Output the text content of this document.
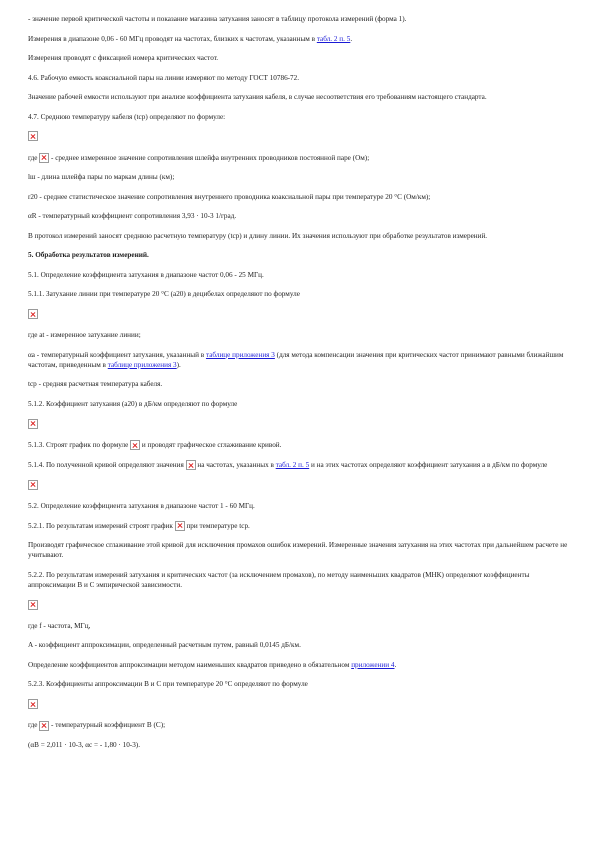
- значение первой критической частоты и показание магазина затухания заносят в таблицу протокола измерений (форма 1).

Измерения в диапазоне 0,06 - 60 МГц проводят на частотах, близких к частотам, указанным в табл. 2 п. 5.

Измерения проводят с фиксацией номера критических частот.

4.6. Рабочую емкость коаксиальной пары на линии измеряют по методу ГОСТ 10786-72.

Значение рабочей емкости используют при анализе коэффициента затухания кабеля, в случае несоответствия его требованиям настоящего стандарта.

4.7. Среднюю температуру кабеля (tср) определяют по формуле:

где  - среднее измеренное значение сопротивления шлейфа внутренних проводников постоянной паре (Ом);

lш - длина шлейфа пары по маркам длины (км);

r20 - среднее статистическое значение сопротивления внутреннего проводника коаксиальной пары при температуре 20 °С (Ом/км);

αR - температурный коэффициент сопротивления 3,93 · 10-3 1/град.

В протокол измерений заносят среднюю расчетную температуру (tср) и длину линии. Их значения используют при обработке результатов измерений.

5. Обработка результатов измерений.

5.1. Определение коэффициента затухания в диапазоне частот 0,06 - 25 МГц.

5.1.1. Затухание линии при температуре 20 °С (a20) в децибелах определяют по формуле

где at - измеренное затухание линии;

αa - температурный коэффициент затухания, указанный в таблице приложения 3 (для метода компенсации значения при критических частот принимают равными ближайшим частотам, приведенным в таблице приложения 3).

tср - средняя расчетная температура кабеля.

5.1.2. Коэффициент затухания (a20) в дБ/км определяют по формуле

5.1.3. Строят график по формуле  и проводят графическое сглаживание кривой.

5.1.4. По полученной кривой определяют значения  на частотах, указанных в табл. 2 п. 5 и на этих частотах определяют коэффициент затухания a в дБ/км по формуле

5.2. Определение коэффициента затухания в диапазоне частот 1 - 60 МГц.

5.2.1. По результатам измерений строят график  при температуре tср.

Производят графическое сглаживание этой кривой для исключения промахов ошибок измерений. Измеренные значения затухания на этих частотах при дальнейшем расчете не учитывают.

5.2.2. По результатам измерений затухания и критических частот (за исключением промахов), по методу наименьших квадратов (МНК) определяют коэффициенты аппроксимации B и C эмпирической зависимости.

где f - частота, МГц,

A - коэффициент аппроксимации, определенный расчетным путем, равный 0,0145 дБ/км.

Определение коэффициентов аппроксимации методом наименьших квадратов приведено в обязательном приложении 4.

5.2.3. Коэффициенты аппроксимации B и C при температуре 20 °С определяют по формуле

где  - температурный коэффициент B (C);

(αB = 2,011 · 10-3, αc = - 1,80 · 10-3).
